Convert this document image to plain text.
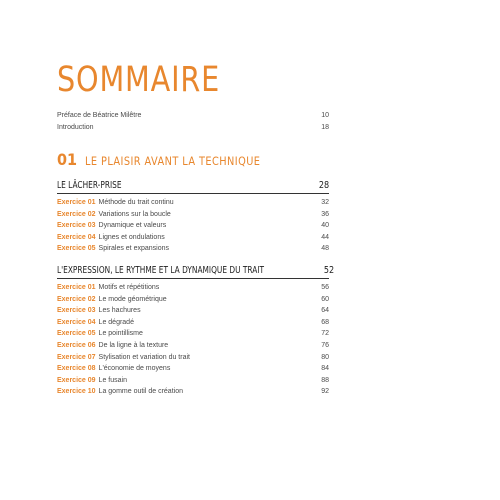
SOMMAIRE
Préface de Béatrice Milêtre	10
Introduction	18
01 LE PLAISIR AVANT LA TECHNIQUE
LE LÂCHER-PRISE	28
Exercice 01 Méthode du trait continu	32
Exercice 02 Variations sur la boucle	36
Exercice 03 Dynamique et valeurs	40
Exercice 04 Lignes et ondulations	44
Exercice 05 Spirales et expansions	48
L'EXPRESSION, LE RYTHME ET LA DYNAMIQUE DU TRAIT	52
Exercice 01 Motifs et répétitions	56
Exercice 02 Le mode géométrique	60
Exercice 03 Les hachures	64
Exercice 04 Le dégradé	68
Exercice 05 Le pointillisme	72
Exercice 06 De la ligne à la texture	76
Exercice 07 Stylisation et variation du trait	80
Exercice 08 L'économie de moyens	84
Exercice 09 Le fusain	88
Exercice 10 La gomme outil de création	92
